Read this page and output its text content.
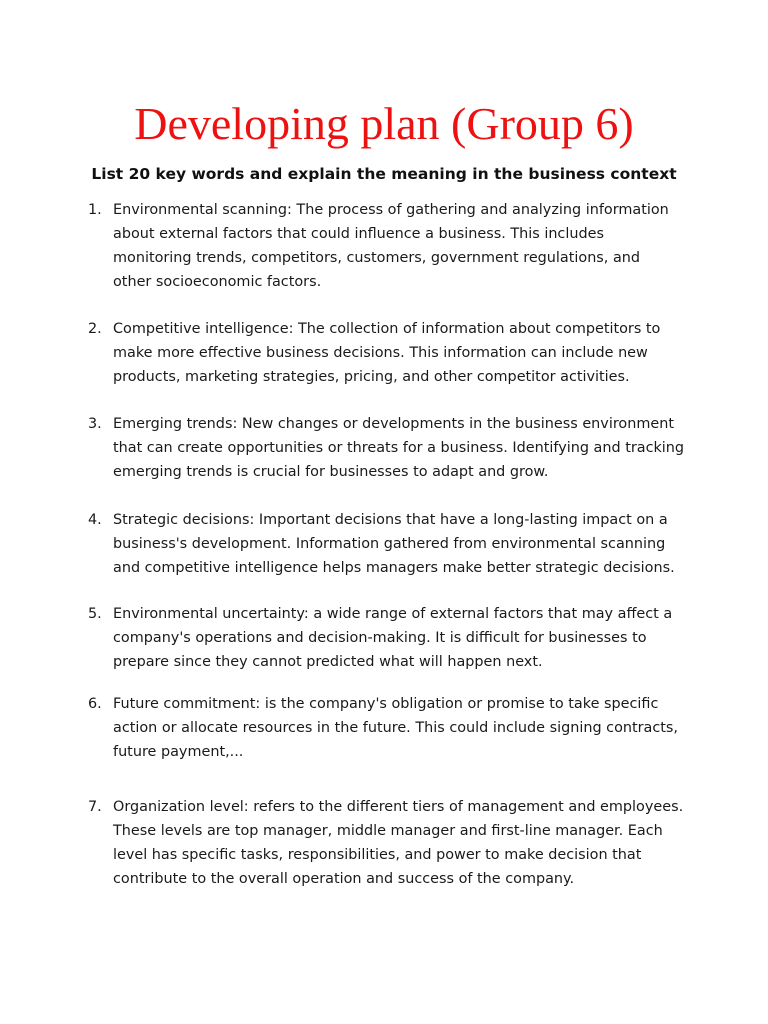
Developing plan (Group 6)
List 20 key words and explain the meaning in the business context
1. Environmental scanning: The process of gathering and analyzing information
about external factors that could influence a business. This includes
monitoring trends, competitors, customers, government regulations, and
other socioeconomic factors.
2. Competitive intelligence: The collection of information about competitors to
make more effective business decisions. This information can include new
products, marketing strategies, pricing, and other competitor activities.
3. Emerging trends: New changes or developments in the business environment
that can create opportunities or threats for a business. Identifying and tracking
emerging trends is crucial for businesses to adapt and grow.
4. Strategic decisions: Important decisions that have a long-lasting impact on a
business's development. Information gathered from environmental scanning
and competitive intelligence helps managers make better strategic decisions.
5. Environmental uncertainty: a wide range of external factors that may affect a
company's operations and decision-making. It is difficult for businesses to
prepare since they cannot predicted what will happen next.
6. Future commitment: is the company's obligation or promise to take specific
action or allocate resources in the future. This could include signing contracts,
future payment,...
7. Organization level: refers to the different tiers of management and employees.
These levels are top manager, middle manager and first-line manager. Each
level has specific tasks, responsibilities, and power to make decision that
contribute to the overall operation and success of the company.
